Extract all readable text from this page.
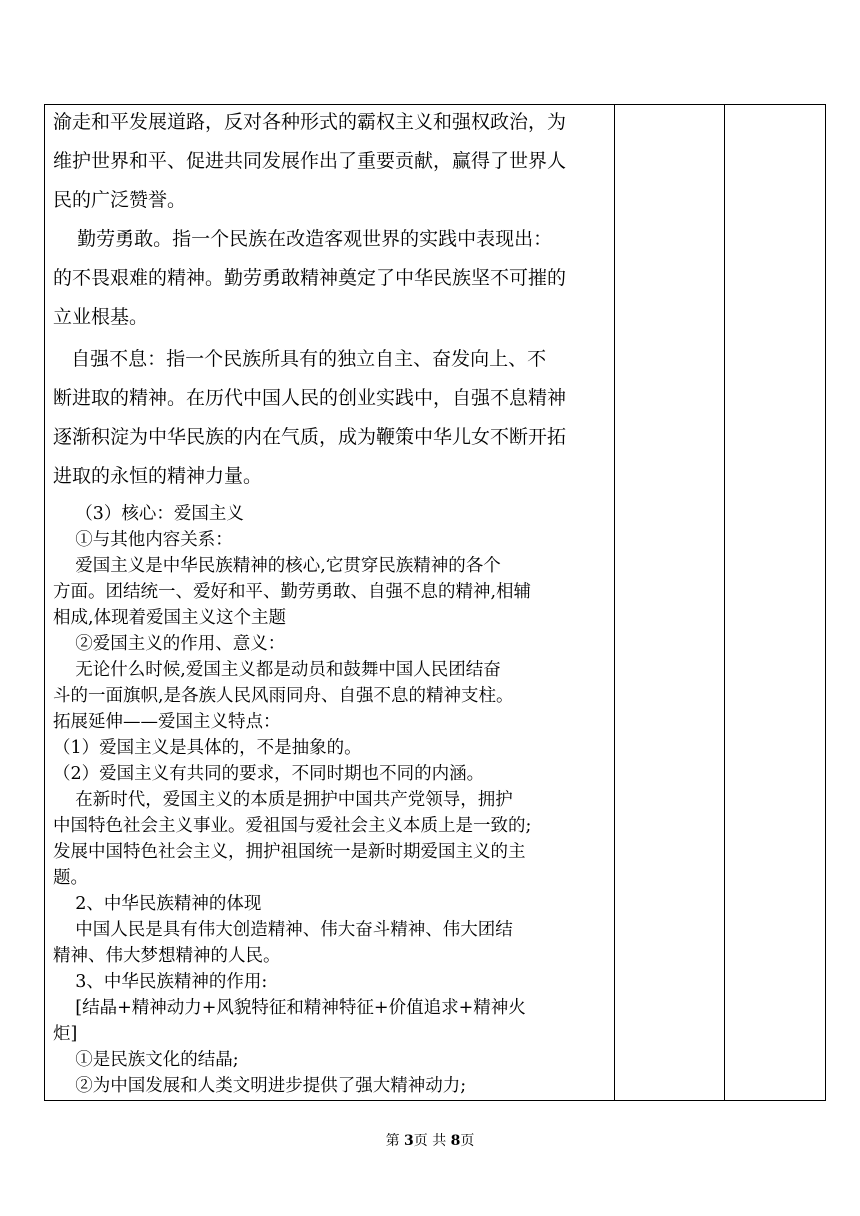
渝走和平发展道路，反对各种形式的霸权主义和强权政治，为
维护世界和平、促进共同发展作出了重要贡献，赢得了世界人
民的广泛赞誉。
勤劳勇敢。指一个民族在改造客观世界的实践中表现出：
的不畏艰难的精神。勤劳勇敢精神奠定了中华民族坚不可摧的
立业根基。
自强不息：指一个民族所具有的独立自主、奋发向上、不
断进取的精神。在历代中国人民的创业实践中，自强不息精神
逐渐积淀为中华民族的内在气质，成为鞭策中华儿女不断开拓
进取的永恒的精神力量。
（3）核心：爱国主义
①与其他内容关系：
爱国主义是中华民族精神的核心,它贯穿民族精神的各个
方面。团结统一、爱好和平、勤劳勇敢、自强不息的精神,相辅
相成,体现着爱国主义这个主题
②爱国主义的作用、意义：
无论什么时候,爱国主义都是动员和鼓舞中国人民团结奋
斗的一面旗帜,是各族人民风雨同舟、自强不息的精神支柱。
拓展延伸——爱国主义特点：
（1）爱国主义是具体的，不是抽象的。
（2）爱国主义有共同的要求，不同时期也不同的内涵。
在新时代，爱国主义的本质是拥护中国共产党领导，拥护
中国特色社会主义事业。爱祖国与爱社会主义本质上是一致的;
发展中国特色社会主义，拥护祖国统一是新时期爱国主义的主
题。
2、中华民族精神的体现
中国人民是具有伟大创造精神、伟大奋斗精神、伟大团结
精神、伟大梦想精神的人民。
3、中华民族精神的作用:
[结晶+精神动力+风貌特征和精神特征+价值追求+精神火
炬]
①是民族文化的结晶;
②为中国发展和人类文明进步提供了强大精神动力;
第 3页 共 8页
